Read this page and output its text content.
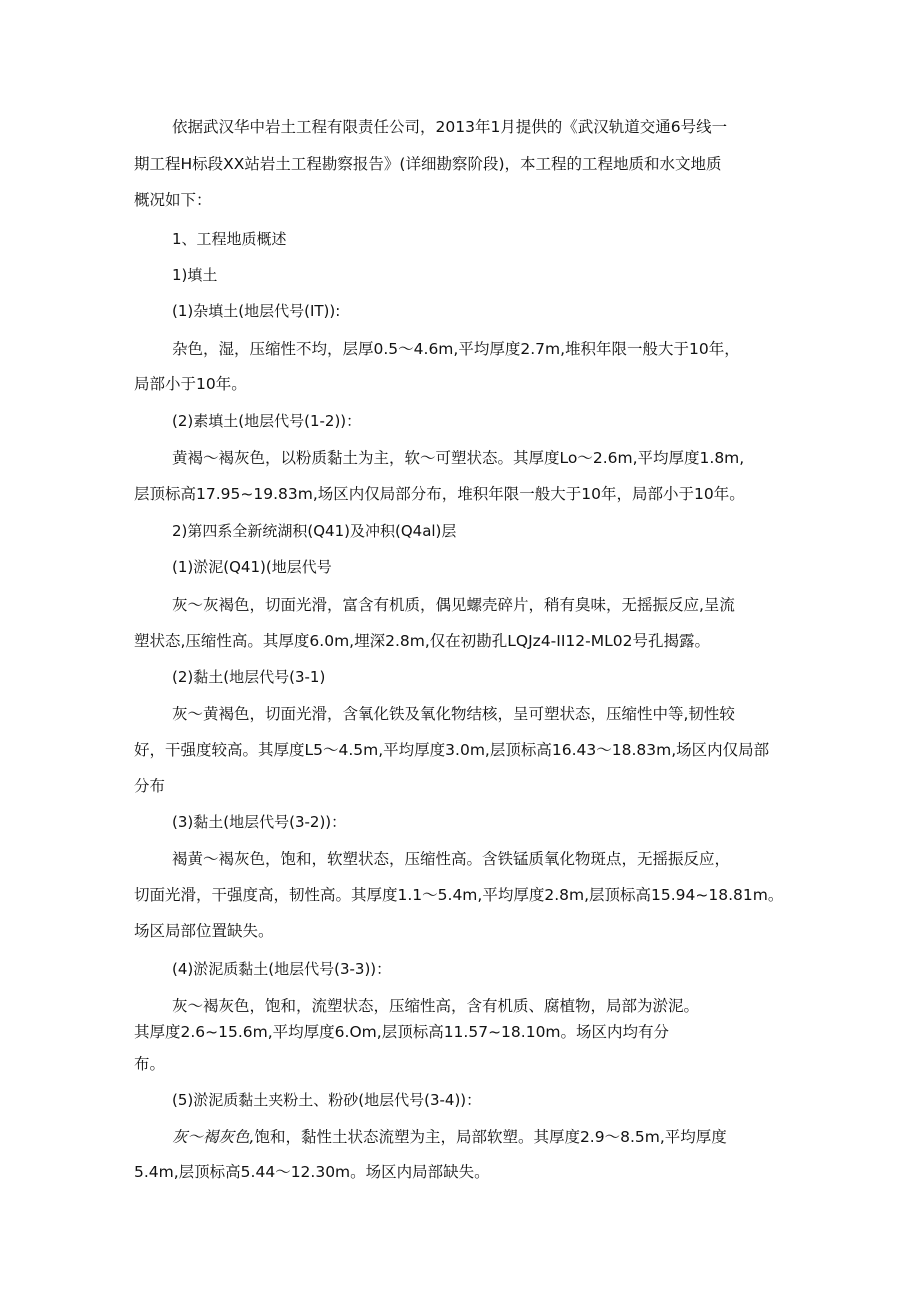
依据武汉华中岩土工程有限责任公司，2013年1月提供的《武汉轨道交通6号线一

期工程H标段XX站岩土工程勘察报告》(详细勘察阶段)，本工程的工程地质和水文地质

概况如下：

1、工程地质概述

1)填土

(1)杂填土(地层代号(IT)):

杂色，湿，压缩性不均，层厚0.5～4.6m,平均厚度2.7m,堆积年限一般大于10年，

局部小于10年。

(2)素填土(地层代号(1-2))：

黄褐～褐灰色，以粉质黏土为主，软～可塑状态。其厚度Lo～2.6m,平均厚度1.8m,

层顶标高17.95~19.83m,场区内仅局部分布，堆积年限一般大于10年，局部小于10年。

2)第四系全新统湖积(Q41)及冲积(Q4al)层

(1)淤泥(Q41)(地层代号

灰～灰褐色，切面光滑，富含有机质，偶见螺壳碎片，稍有臭味，无摇振反应,呈流

塑状态,压缩性高。其厚度6.0m,埋深2.8m,仅在初勘孔LQJz4-II12-ML02号孔揭露。

(2)黏土(地层代号(3-1)

灰～黄褐色，切面光滑，含氧化铁及氧化物结核，呈可塑状态，压缩性中等,韧性较

好，干强度较高。其厚度L5～4.5m,平均厚度3.0m,层顶标高16.43～18.83m,场区内仅局部

分布

(3)黏土(地层代号(3-2))：

褐黄～褐灰色，饱和，软塑状态，压缩性高。含铁锰质氧化物斑点，无摇振反应，

切面光滑，干强度高，韧性高。其厚度1.1～5.4m,平均厚度2.8m,层顶标高15.94~18.81m。

场区局部位置缺失。

(4)淤泥质黏土(地层代号(3-3))：

灰～褐灰色，饱和，流塑状态，压缩性高，含有机质、腐植物，局部为淤泥。

其厚度2.6~15.6m,平均厚度6.Om,层顶标高11.57~18.10m。场区内均有分

布。

(5)淤泥质黏土夹粉土、粉砂(地层代号(3-4))：

灰～褐灰色,饱和，黏性土状态流塑为主，局部软塑。其厚度2.9～8.5m,平均厚度

5.4m,层顶标高5.44～12.30m。场区内局部缺失。
